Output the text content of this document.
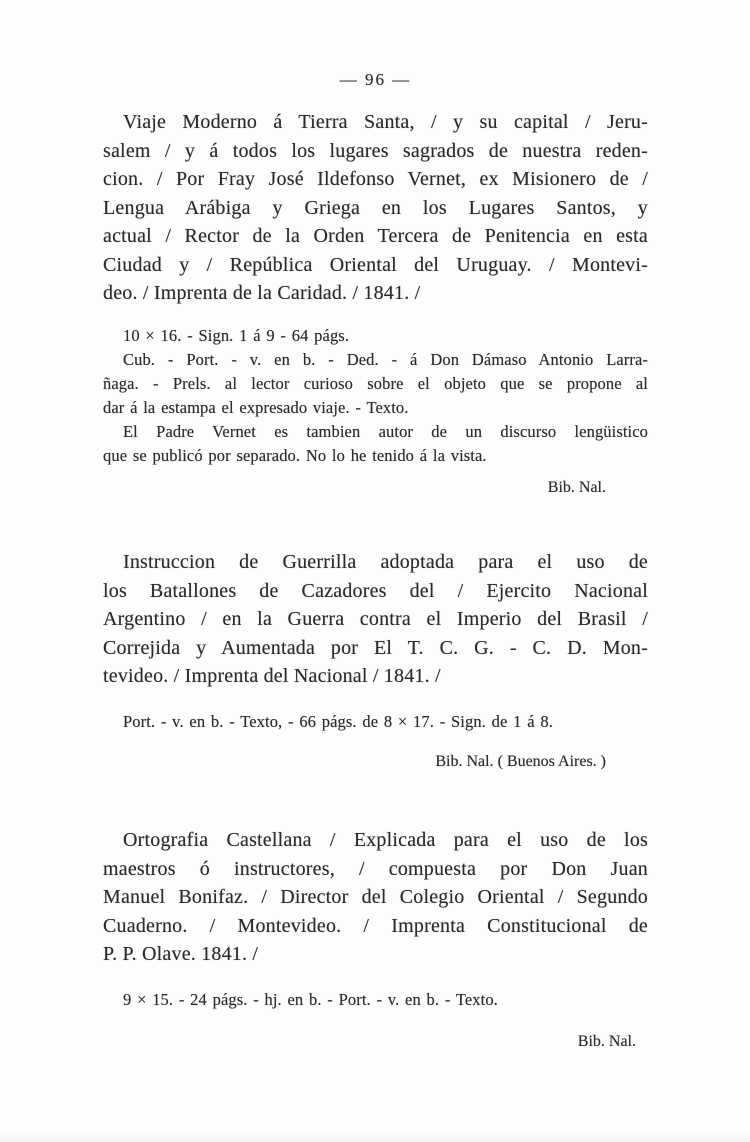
— 96 —
Viaje Moderno á Tierra Santa, / y su capital / Jeru-
salem / y á todos los lugares sagrados de nuestra reden-
cion. / Por Fray José Ildefonso Vernet, ex Misionero de /
Lengua Arábiga y Griega en los Lugares Santos, y
actual / Rector de la Orden Tercera de Penitencia en esta
Ciudad y / República Oriental del Uruguay. / Montevi-
deo. / Imprenta de la Caridad. / 1841. /
10 × 16. - Sign. 1 á 9 - 64 págs.
Cub. - Port. - v. en b. - Ded. - á Don Dámaso Antonio Larra-
ñaga. - Prels. al lector curioso sobre el objeto que se propone al
dar á la estampa el expresado viaje. - Texto.
El Padre Vernet es tambien autor de un discurso lengüistico
que se publicó por separado. No lo he tenido á la vista.
Bib. Nal.
Instruccion de Guerrilla adoptada para el uso de
los Batallones de Cazadores del / Ejercito Nacional
Argentino / en la Guerra contra el Imperio del Brasil /
Correjida y Aumentada por El T. C. G. - C. D. Mon-
tevideo. / Imprenta del Nacional / 1841. /
Port. - v. en b. - Texto, - 66 págs. de 8 × 17. - Sign. de 1 á 8.
Bib. Nal. ( Buenos Aires. )
Ortografia Castellana / Explicada para el uso de los
maestros ó instructores, / compuesta por Don Juan
Manuel Bonifaz. / Director del Colegio Oriental / Segundo
Cuaderno. / Montevideo. / Imprenta Constitucional de
P. P. Olave. 1841. /
9 × 15. - 24 págs. - hj. en b. - Port. - v. en b. - Texto.
Bib. Nal.
